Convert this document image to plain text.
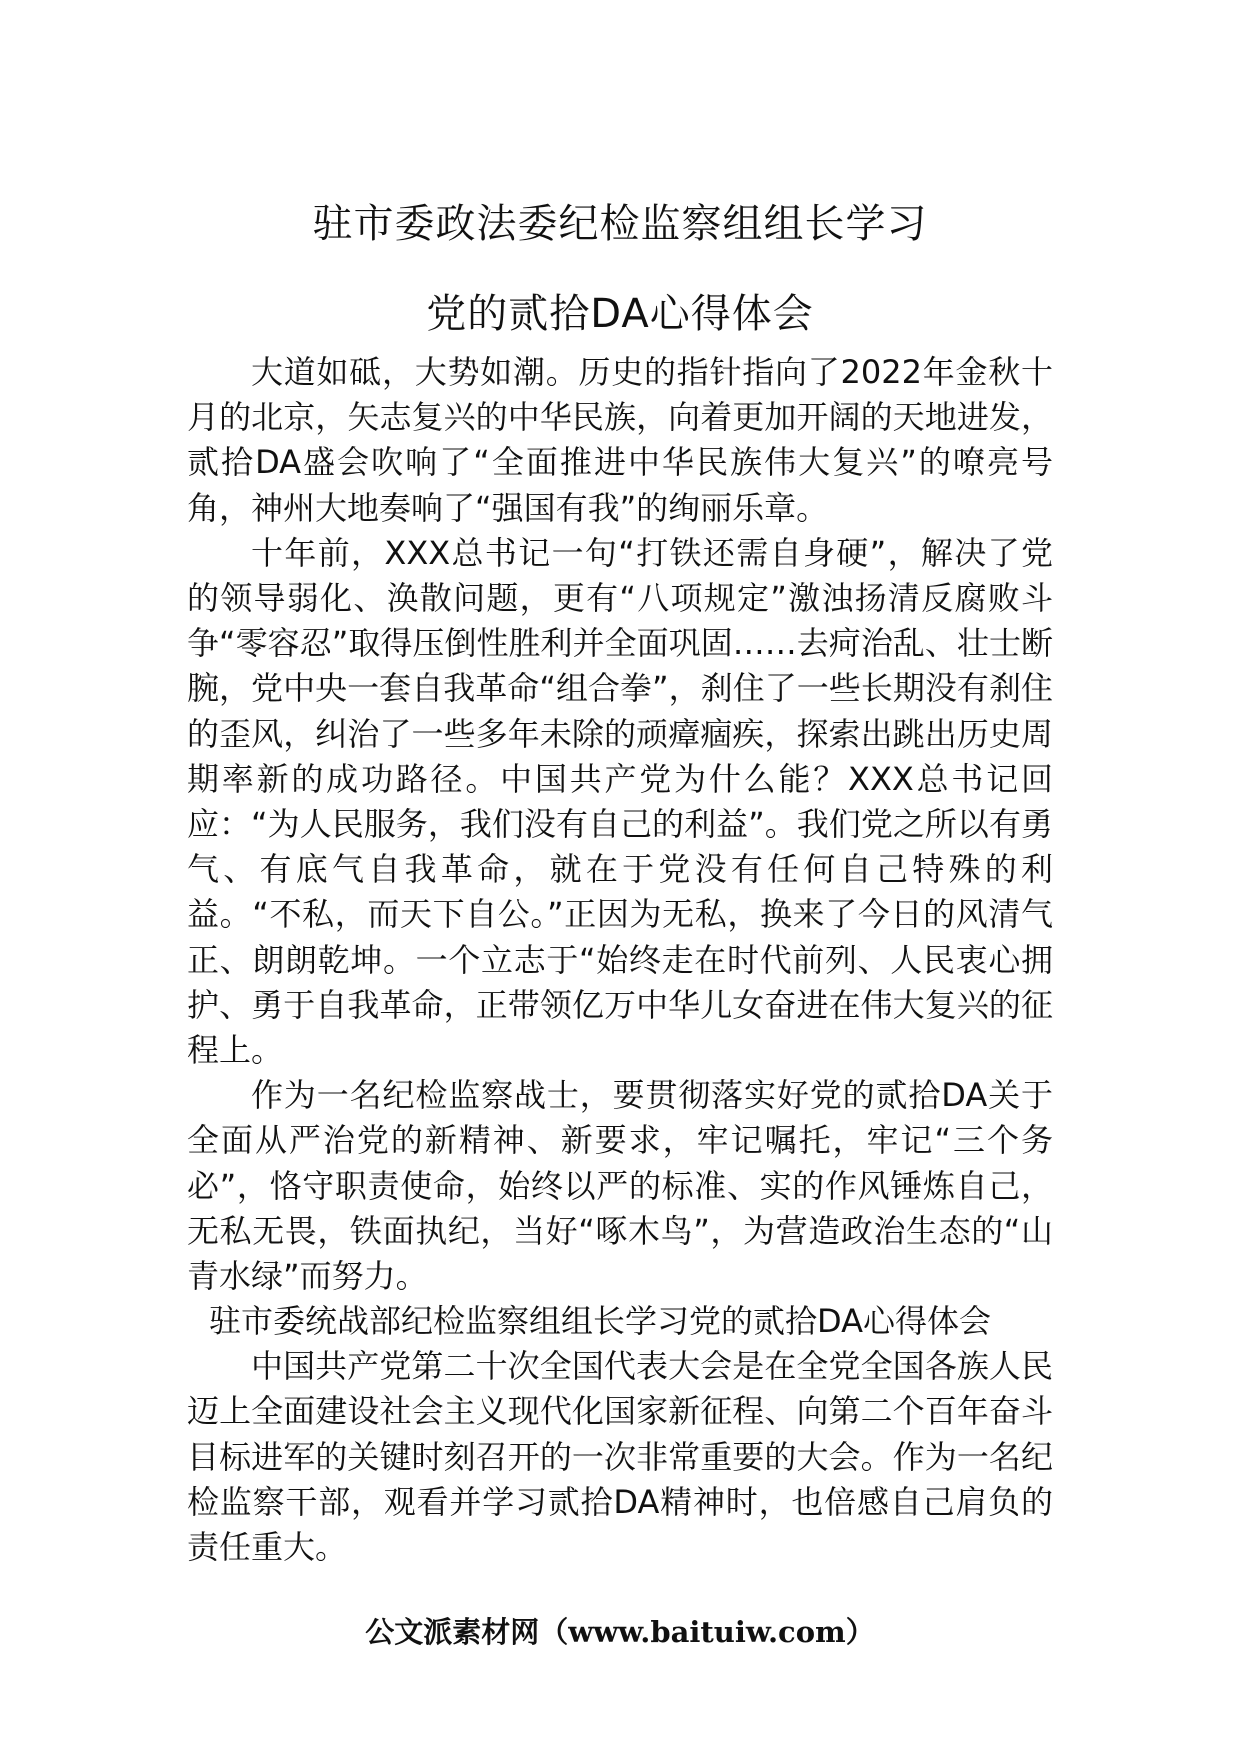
驻市委政法委纪检监察组组长学习
党的贰拾DA心得体会

大道如砥，大势如潮。历史的指针指向了2022年金秋十月的北京，矢志复兴的中华民族，向着更加开阔的天地进发，贰拾DA盛会吹响了“全面推进中华民族伟大复兴”的嘹亮号角，神州大地奏响了“强国有我”的绚丽乐章。

十年前，XXX总书记一句“打铁还需自身硬”，解决了党的领导弱化、涣散问题，更有“八项规定”激浊扬清反腐败斗争“零容忍”取得压倒性胜利并全面巩固……去疴治乱、壮士断腕，党中央一套自我革命“组合拳”，刹住了一些长期没有刹住的歪风，纠治了一些多年未除的顽瘴痼疾，探索出跳出历史周期率新的成功路径。中国共产党为什么能？XXX总书记回应：“为人民服务，我们没有自己的利益”。我们党之所以有勇气、有底气自我革命，就在于党没有任何自己特殊的利益。“不私，而天下自公。”正因为无私，换来了今日的风清气正、朗朗乾坤。一个立志于“始终走在时代前列、人民衷心拥护、勇于自我革命，正带领亿万中华儿女奋进在伟大复兴的征程上。

作为一名纪检监察战士，要贯彻落实好党的贰拾DA关于全面从严治党的新精神、新要求，牢记嘱托，牢记“三个务必”，恪守职责使命，始终以严的标准、实的作风锤炼自己，无私无畏，铁面执纪，当好“啄木鸟”，为营造政治生态的“山青水绿”而努力。

驻市委统战部纪检监察组组长学习党的贰拾DA心得体会

中国共产党第二十次全国代表大会是在全党全国各族人民迈上全面建设社会主义现代化国家新征程、向第二个百年奋斗目标进军的关键时刻召开的一次非常重要的大会。作为一名纪检监察干部，观看并学习贰拾DA精神时，也倍感自己肩负的责任重大。

公文派素材网（www.baituiw.com）
